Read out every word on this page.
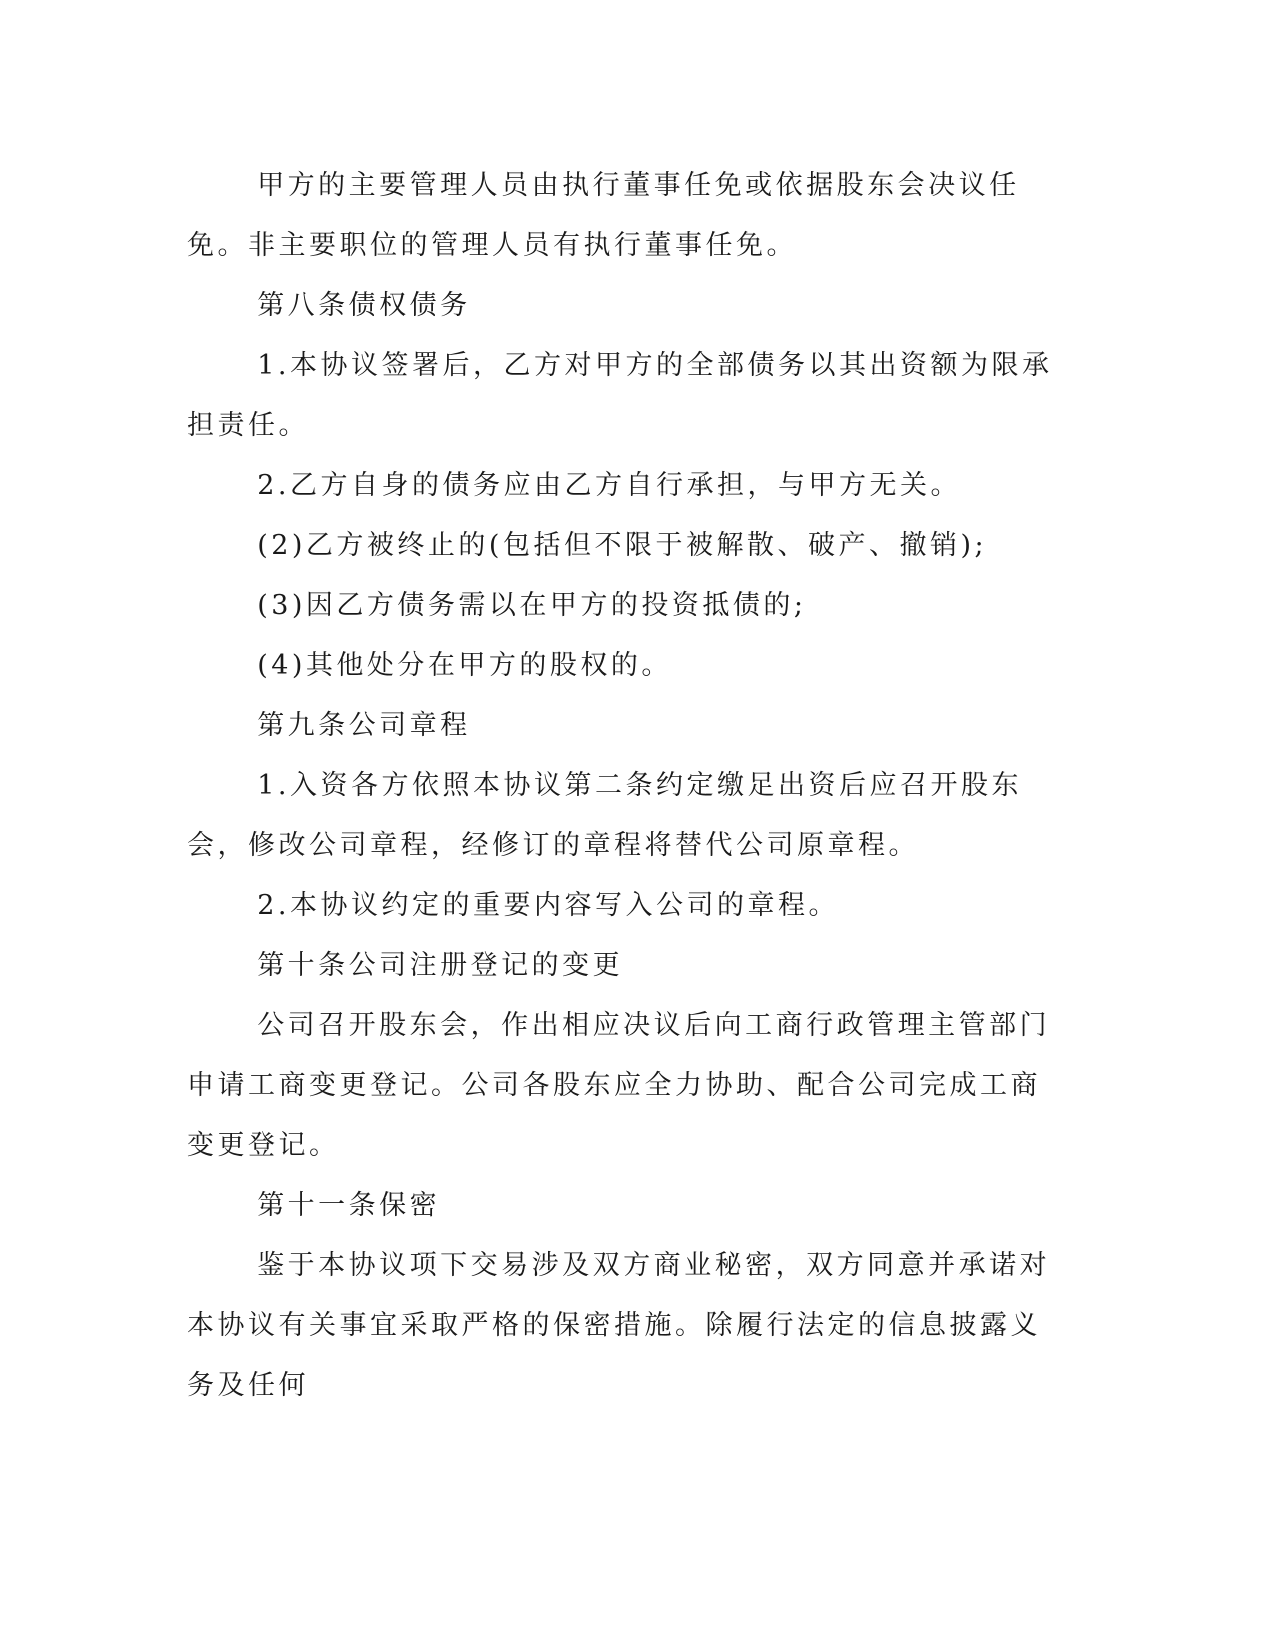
甲方的主要管理人员由执行董事任免或依据股东会决议任免。非主要职位的管理人员有执行董事任免。

第八条债权债务

1.本协议签署后，乙方对甲方的全部债务以其出资额为限承担责任。

2.乙方自身的债务应由乙方自行承担，与甲方无关。

(2)乙方被终止的(包括但不限于被解散、破产、撤销);

(3)因乙方债务需以在甲方的投资抵债的;

(4)其他处分在甲方的股权的。

第九条公司章程

1.入资各方依照本协议第二条约定缴足出资后应召开股东会，修改公司章程，经修订的章程将替代公司原章程。

2.本协议约定的重要内容写入公司的章程。

第十条公司注册登记的变更

公司召开股东会，作出相应决议后向工商行政管理主管部门申请工商变更登记。公司各股东应全力协助、配合公司完成工商变更登记。

第十一条保密

鉴于本协议项下交易涉及双方商业秘密，双方同意并承诺对本协议有关事宜采取严格的保密措施。除履行法定的信息披露义务及任何
